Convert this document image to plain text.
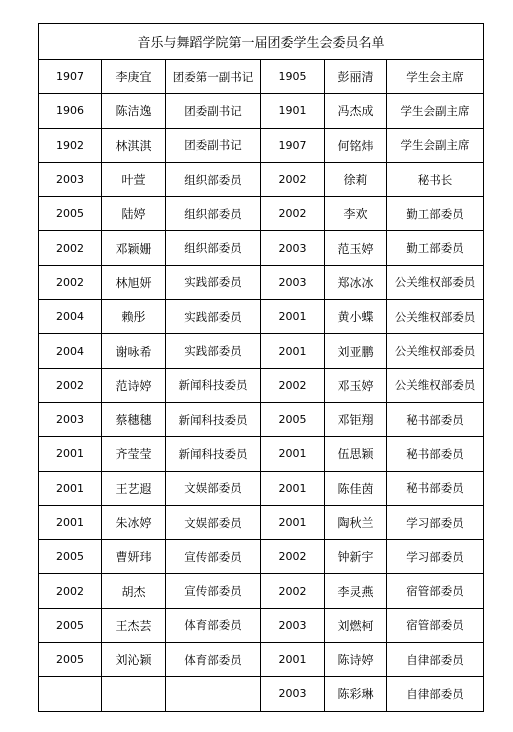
音乐与舞蹈学院第一届团委学生会委员名单					
1907	李庚宜	团委第一副书记	1905	彭丽清	学生会主席
1906	陈洁逸	团委副书记	1901	冯杰成	学生会副主席
1902	林淇淇	团委副书记	1907	何铭炜	学生会副主席
2003	叶萱	组织部委员	2002	徐莉	秘书长
2005	陆婷	组织部委员	2002	李欢	勤工部委员
2002	邓颖姗	组织部委员	2003	范玉婷	勤工部委员
2002	林旭妍	实践部委员	2003	郑冰冰	公关维权部委员
2004	赖彤	实践部委员	2001	黄小蝶	公关维权部委员
2004	谢咏希	实践部委员	2001	刘亚鹏	公关维权部委员
2002	范诗婷	新闻科技委员	2002	邓玉婷	公关维权部委员
2003	蔡穗穗	新闻科技委员	2005	邓钜翔	秘书部委员
2001	齐莹莹	新闻科技委员	2001	伍思颖	秘书部委员
2001	王艺遐	文娱部委员	2001	陈佳茵	秘书部委员
2001	朱冰婷	文娱部委员	2001	陶秋兰	学习部委员
2005	曹妍玮	宣传部委员	2002	钟新宇	学习部委员
2002	胡杰	宣传部委员	2002	李灵燕	宿管部委员
2005	王杰芸	体育部委员	2003	刘燃柯	宿管部委员
2005	刘沁颖	体育部委员	2001	陈诗婷	自律部委员
			2003	陈彩琳	自律部委员
